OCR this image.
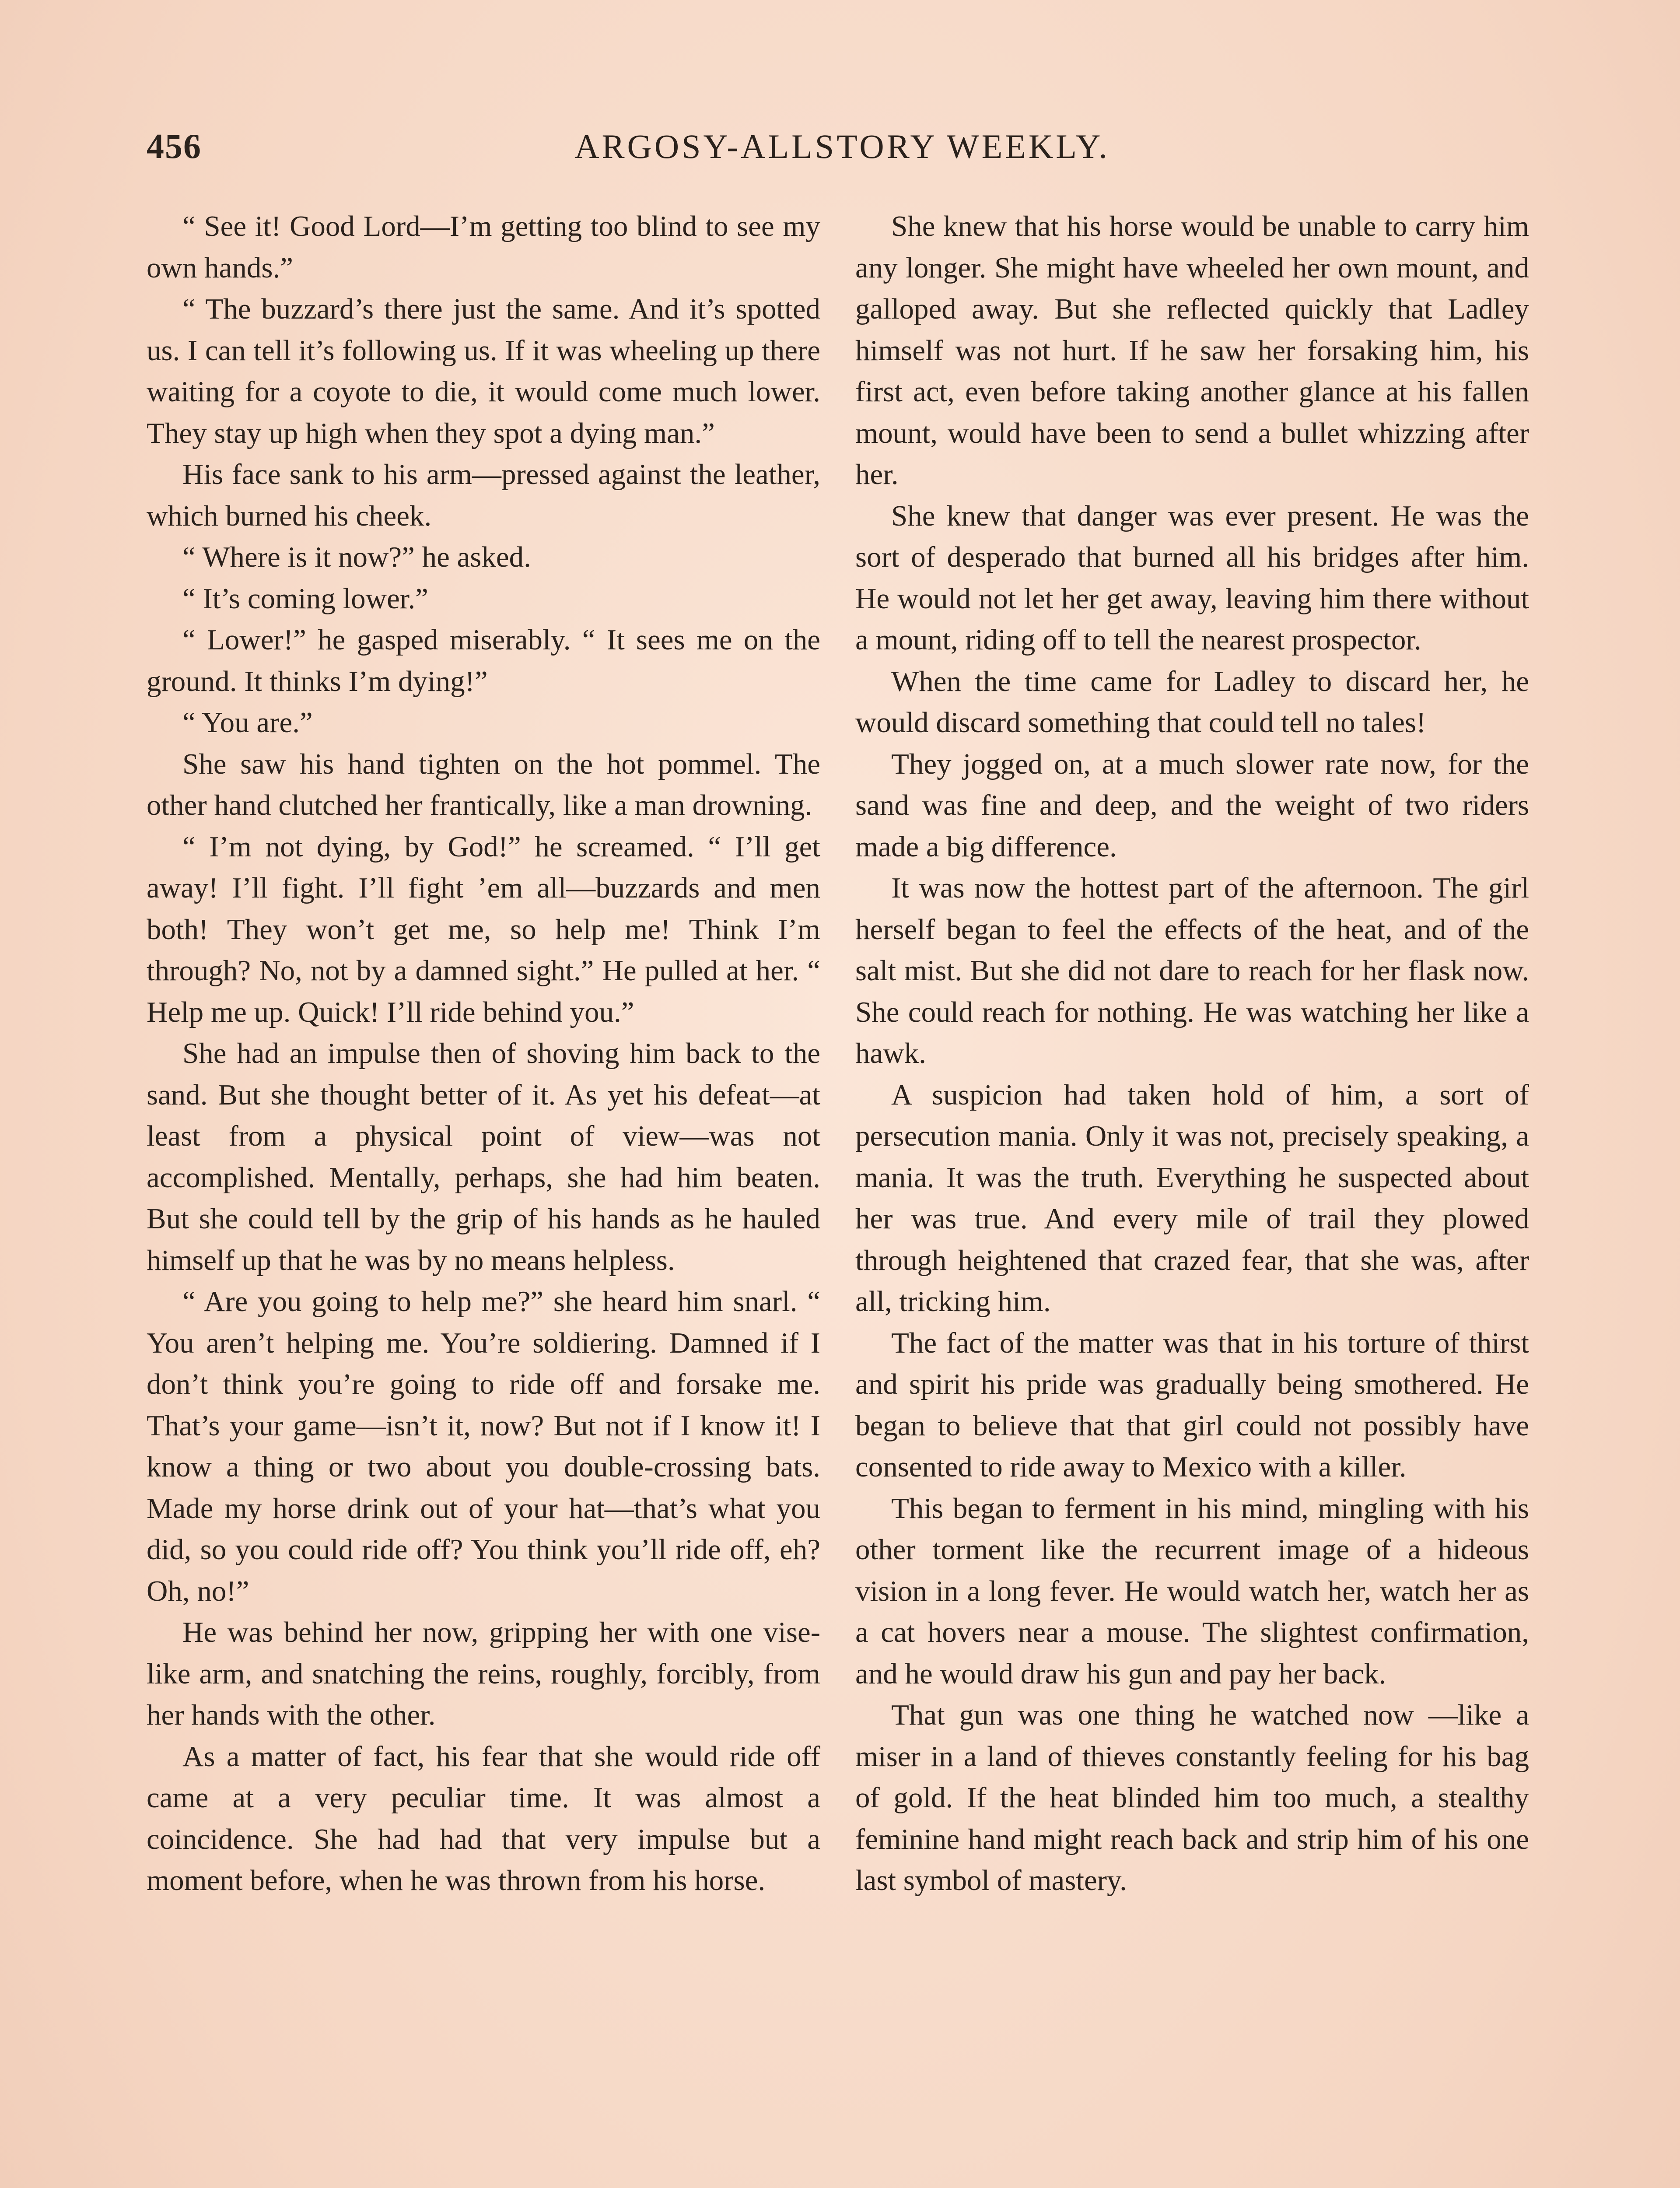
456	ARGOSY-ALLSTORY WEEKLY.

“ See it! Good Lord—I’m getting too blind to see my own hands.”

“ The buzzard’s there just the same. And it’s spotted us. I can tell it’s following us. If it was wheeling up there waiting for a coyote to die, it would come much lower. They stay up high when they spot a dying man.”

His face sank to his arm—pressed against the leather, which burned his cheek.

“ Where is it now?” he asked.

“ It’s coming lower.”

“ Lower!” he gasped miserably. “ It sees me on the ground. It thinks I’m dying!”

“ You are.”

She saw his hand tighten on the hot pommel. The other hand clutched her frantically, like a man drowning.

“ I’m not dying, by God!” he screamed. “ I’ll get away! I’ll fight. I’ll fight ’em all—buzzards and men both! They won’t get me, so help me! Think I’m through? No, not by a damned sight.” He pulled at her. “ Help me up. Quick! I’ll ride behind you.”

She had an impulse then of shoving him back to the sand. But she thought better of it. As yet his defeat—at least from a physical point of view—was not accomplished. Mentally, perhaps, she had him beaten. But she could tell by the grip of his hands as he hauled himself up that he was by no means helpless.

“ Are you going to help me?” she heard him snarl. “ You aren’t helping me. You’re soldiering. Damned if I don’t think you’re going to ride off and forsake me. That’s your game—isn’t it, now? But not if I know it! I know a thing or two about you double-crossing bats. Made my horse drink out of your hat—that’s what you did, so you could ride off? You think you’ll ride off, eh? Oh, no!”

He was behind her now, gripping her with one vise-like arm, and snatching the reins, roughly, forcibly, from her hands with the other.

As a matter of fact, his fear that she would ride off came at a very peculiar time. It was almost a coincidence. She had had that very impulse but a moment before, when he was thrown from his horse.

She knew that his horse would be unable to carry him any longer. She might have wheeled her own mount, and galloped away. But she reflected quickly that Ladley himself was not hurt. If he saw her forsaking him, his first act, even before taking another glance at his fallen mount, would have been to send a bullet whizzing after her.

She knew that danger was ever present. He was the sort of desperado that burned all his bridges after him. He would not let her get away, leaving him there without a mount, riding off to tell the nearest prospector.

When the time came for Ladley to discard her, he would discard something that could tell no tales!

They jogged on, at a much slower rate now, for the sand was fine and deep, and the weight of two riders made a big difference.

It was now the hottest part of the afternoon. The girl herself began to feel the effects of the heat, and of the salt mist. But she did not dare to reach for her flask now. She could reach for nothing. He was watching her like a hawk.

A suspicion had taken hold of him, a sort of persecution mania. Only it was not, precisely speaking, a mania. It was the truth. Everything he suspected about her was true. And every mile of trail they plowed through heightened that crazed fear, that she was, after all, tricking him.

The fact of the matter was that in his torture of thirst and spirit his pride was gradually being smothered. He began to believe that that girl could not possibly have consented to ride away to Mexico with a killer.

This began to ferment in his mind, mingling with his other torment like the recurrent image of a hideous vision in a long fever. He would watch her, watch her as a cat hovers near a mouse. The slightest confirmation, and he would draw his gun and pay her back.

That gun was one thing he watched now —like a miser in a land of thieves constantly feeling for his bag of gold. If the heat blinded him too much, a stealthy feminine hand might reach back and strip him of his one last symbol of mastery.
